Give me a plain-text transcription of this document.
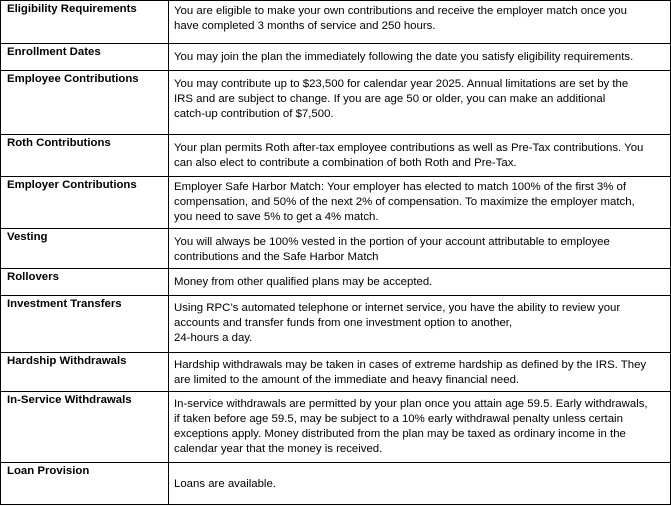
Eligibility Requirements	You are eligible to make your own contributions and receive the employer match once you
have completed 3 months of service and 250 hours.

Enrollment Dates	You may join the plan the immediately following the date you satisfy eligibility requirements.

Employee Contributions	You may contribute up to $23,500 for calendar year 2025. Annual limitations are set by the
IRS and are subject to change. If you are age 50 or older, you can make an additional
catch-up contribution of $7,500.

Roth Contributions	Your plan permits Roth after-tax employee contributions as well as Pre-Tax contributions. You
can also elect to contribute a combination of both Roth and Pre-Tax.

Employer Contributions	Employer Safe Harbor Match: Your employer has elected to match 100% of the first 3% of
compensation, and 50% of the next 2% of compensation. To maximize the employer match,
you need to save 5% to get a 4% match.

Vesting	You will always be 100% vested in the portion of your account attributable to employee
contributions and the Safe Harbor Match

Rollovers	Money from other qualified plans may be accepted.

Investment Transfers	Using RPC’s automated telephone or internet service, you have the ability to review your
accounts and transfer funds from one investment option to another,
24-hours a day.

Hardship Withdrawals	Hardship withdrawals may be taken in cases of extreme hardship as defined by the IRS. They
are limited to the amount of the immediate and heavy financial need.

In-Service Withdrawals	In-service withdrawals are permitted by your plan once you attain age 59.5. Early withdrawals,
if taken before age 59.5, may be subject to a 10% early withdrawal penalty unless certain
exceptions apply. Money distributed from the plan may be taxed as ordinary income in the
calendar year that the money is received.

Loan Provision	Loans are available.
